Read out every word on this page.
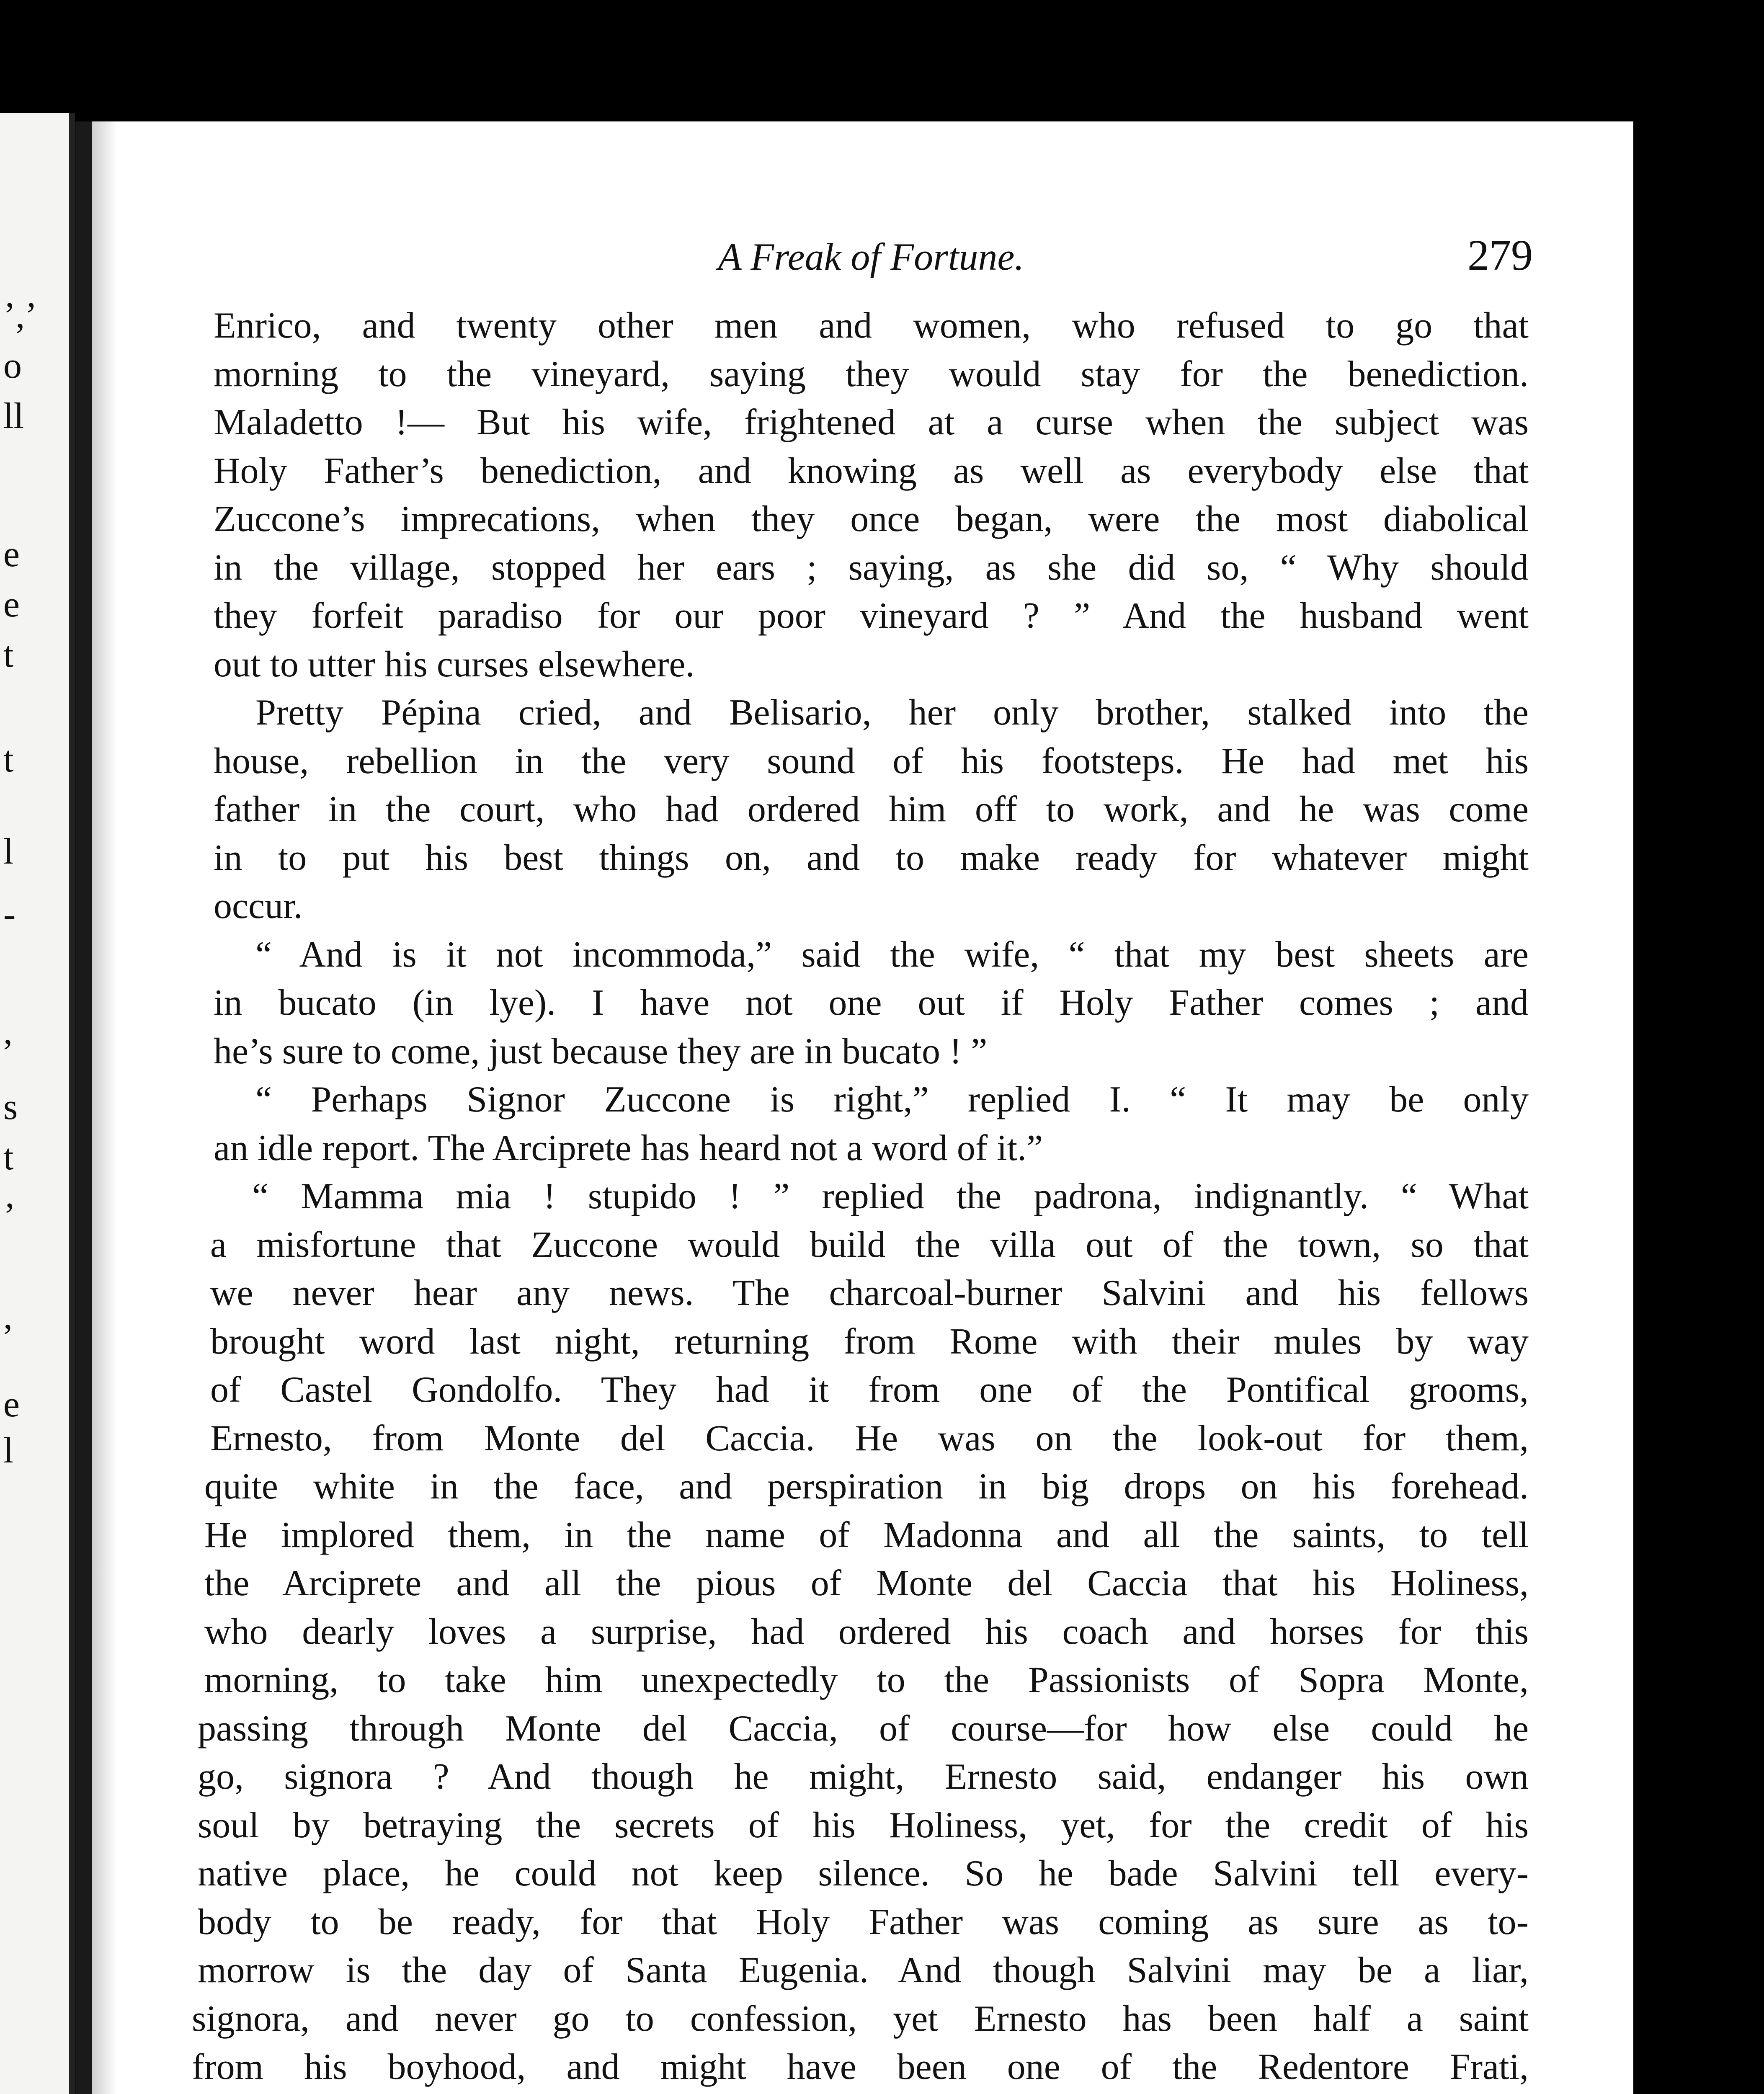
’,’
o
ll
e
e
t
t
l
-
,
s
t
’
,
e
l
A Freak of Fortune.	279
Enrico, and twenty other men and women, who refused to go that
morning to the vineyard, saying they would stay for the benediction.
Maladetto !— But his wife, frightened at a curse when the subject was
Holy Father’s benediction, and knowing as well as everybody else that
Zuccone’s imprecations, when they once began, were the most diabolical
in the village, stopped her ears ; saying, as she did so, “ Why should
they forfeit paradiso for our poor vineyard ? ” And the husband went
out to utter his curses elsewhere.
Pretty Pépina cried, and Belisario, her only brother, stalked into the
house, rebellion in the very sound of his footsteps. He had met his
father in the court, who had ordered him off to work, and he was come
in to put his best things on, and to make ready for whatever might
occur.
“ And is it not incommoda,” said the wife, “ that my best sheets are
in bucato (in lye). I have not one out if Holy Father comes ; and
he’s sure to come, just because they are in bucato ! ”
“ Perhaps Signor Zuccone is right,” replied I. “ It may be only
an idle report. The Arciprete has heard not a word of it.”
“ Mamma mia ! stupido ! ” replied the padrona, indignantly. “ What
a misfortune that Zuccone would build the villa out of the town, so that
we never hear any news. The charcoal-burner Salvini and his fellows
brought word last night, returning from Rome with their mules by way
of Castel Gondolfo. They had it from one of the Pontifical grooms,
Ernesto, from Monte del Caccia. He was on the look-out for them,
quite white in the face, and perspiration in big drops on his forehead.
He implored them, in the name of Madonna and all the saints, to tell
the Arciprete and all the pious of Monte del Caccia that his Holiness,
who dearly loves a surprise, had ordered his coach and horses for this
morning, to take him unexpectedly to the Passionists of Sopra Monte,
passing through Monte del Caccia, of course—for how else could he
go, signora ? And though he might, Ernesto said, endanger his own
soul by betraying the secrets of his Holiness, yet, for the credit of his
native place, he could not keep silence. So he bade Salvini tell every-
body to be ready, for that Holy Father was coming as sure as to-
morrow is the day of Santa Eugenia. And though Salvini may be a liar,
signora, and never go to confession, yet Ernesto has been half a saint
from his boyhood, and might have been one of the Redentore Frati,
